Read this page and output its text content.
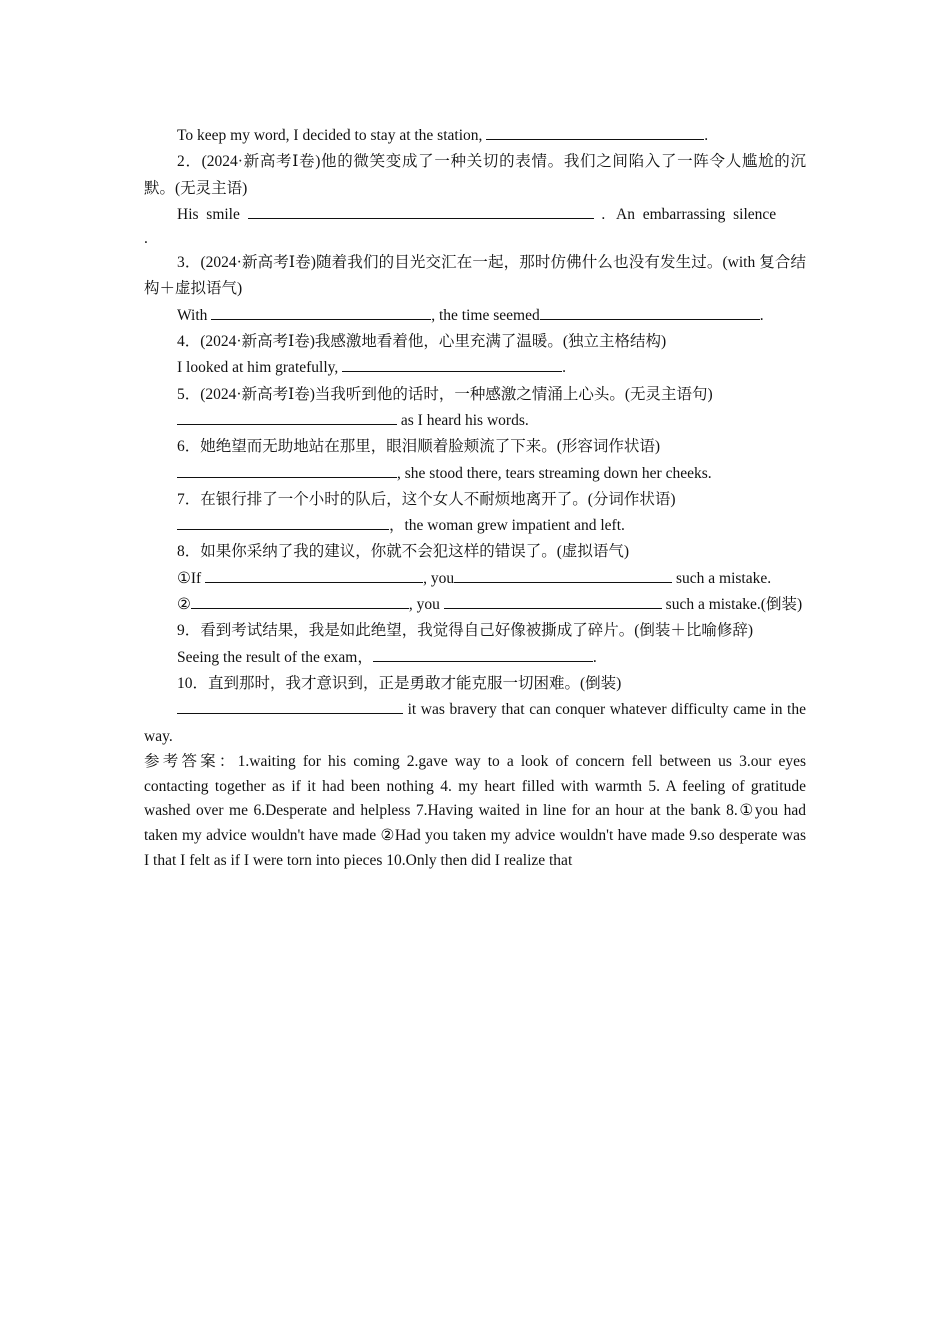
To keep my word, I decided to stay at the station,	.

2．(2024·新高考Ⅰ卷)他的微笑变成了一种关切的表情。我们之间陷入了一阵令人尴尬的沉默。(无灵主语)

His  smile	.   An  embarrassing  silence

.

3．(2024·新高考Ⅰ卷)随着我们的目光交汇在一起，那时仿佛什么也没有发生过。(with 复合结构＋虚拟语气)

With	, the time seemed	.

4．(2024·新高考Ⅰ卷)我感激地看着他，心里充满了温暖。(独立主格结构)

I looked at him gratefully,	.

5．(2024·新高考Ⅰ卷)当我听到他的话时，一种感激之情涌上心头。(无灵主语句)

as I heard his words.

6．她绝望而无助地站在那里，眼泪顺着脸颊流了下来。(形容词作状语)

, she stood there, tears streaming down her cheeks.

7．在银行排了一个小时的队后，这个女人不耐烦地离开了。(分词作状语)

，the woman grew impatient and left.

8．如果你采纳了我的建议，你就不会犯这样的错误了。(虚拟语气)

①If	, you	such a mistake.

②	, you	such a mistake.(倒装)

9．看到考试结果，我是如此绝望，我觉得自己好像被撕成了碎片。(倒装＋比喻修辞)

Seeing the result of the exam，	.

10．直到那时，我才意识到，正是勇敢才能克服一切困难。(倒装)

it was bravery that can conquer whatever difficulty came in the way.

参考答案：1.waiting for his coming 2.gave way to a look of concern fell between us 3.our eyes contacting together as if it had been nothing 4. my heart filled with warmth 5. A feeling of gratitude washed over me 6.Desperate and helpless 7.Having waited in line for an hour at the bank 8.①you had taken my advice wouldn't have made ②Had you taken my advice wouldn't have made 9.so desperate was I that I felt as if I were torn into pieces 10.Only then did I realize that
